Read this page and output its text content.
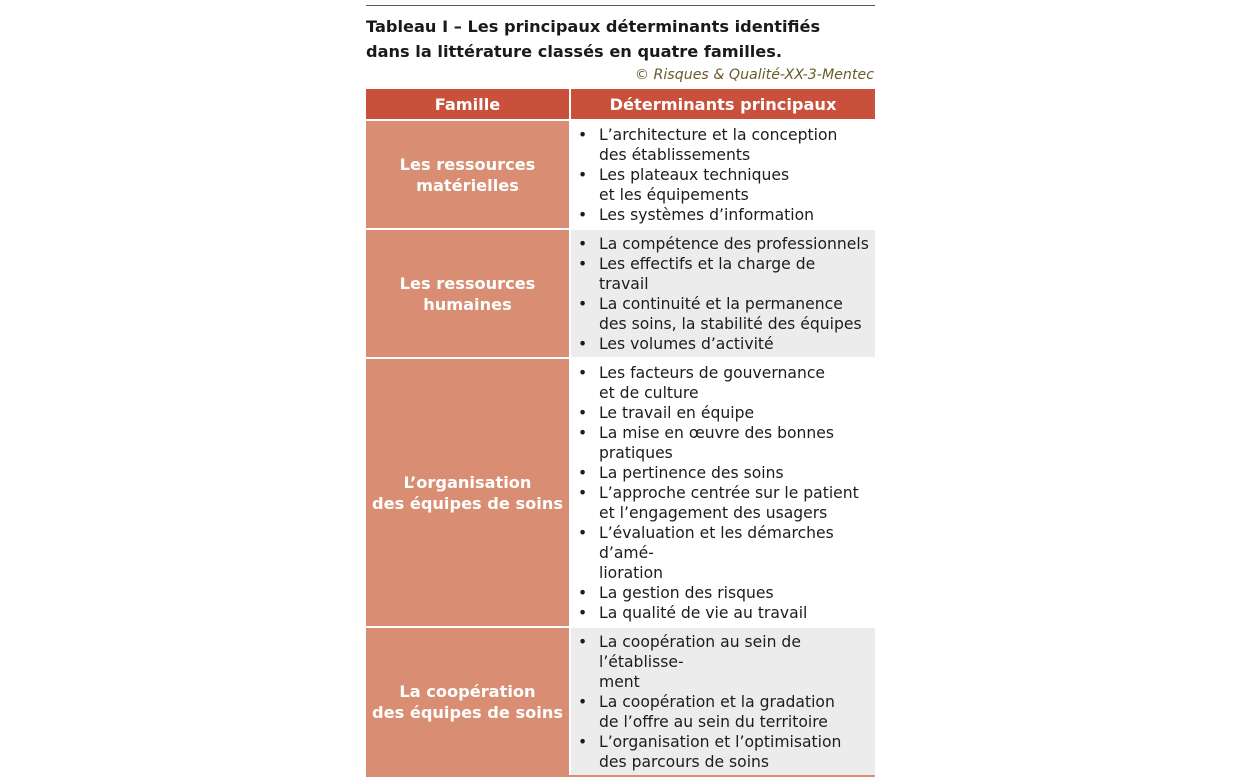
Tableau I – Les principaux déterminants identifiés
dans la littérature classés en quatre familles.
© Risques & Qualité-XX-3-Mentec
Famille	Déterminants principaux
Les ressources
matérielles
• L’architecture et la conception
des établissements
• Les plateaux techniques
et les équipements
• Les systèmes d’information
Les ressources
humaines
• La compétence des professionnels
• Les effectifs et la charge de travail
• La continuité et la permanence
des soins, la stabilité des équipes
• Les volumes d’activité
L’organisation
des équipes de soins
• Les facteurs de gouvernance
et de culture
• Le travail en équipe
• La mise en œuvre des bonnes
pratiques
• La pertinence des soins
• L’approche centrée sur le patient
et l’engagement des usagers
• L’évaluation et les démarches d’amé-
lioration
• La gestion des risques
• La qualité de vie au travail
La coopération
des équipes de soins
• La coopération au sein de l’établisse-
ment
• La coopération et la gradation
de l’offre au sein du territoire
• L’organisation et l’optimisation
des parcours de soins
